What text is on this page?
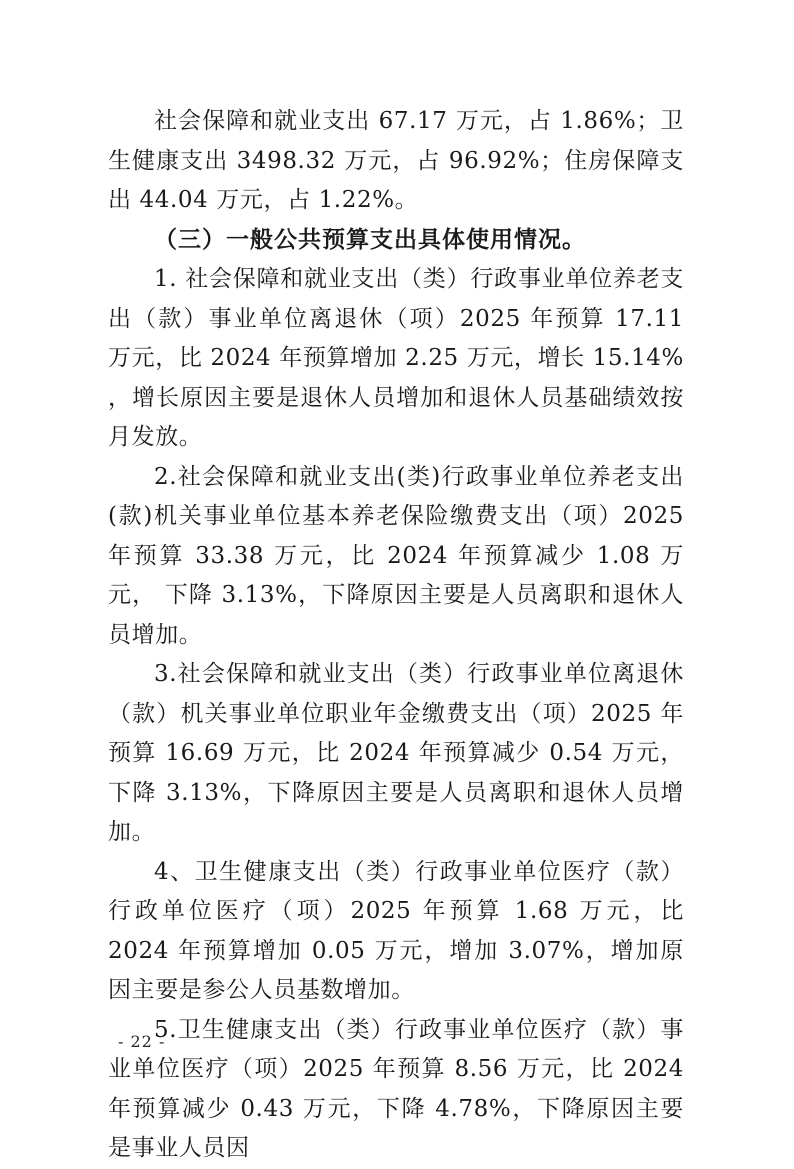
社会保障和就业支出 67.17 万元，占 1.86%；卫生健康支出 3498.32 万元，占 96.92%；住房保障支出 44.04 万元，占 1.22%。

（三）一般公共预算支出具体使用情况。

1. 社会保障和就业支出（类）行政事业单位养老支出（款）事业单位离退休（项）2025 年预算 17.11 万元，比 2024 年预算增加 2.25 万元，增长 15.14% ，增长原因主要是退休人员增加和退休人员基础绩效按月发放。

2.社会保障和就业支出(类)行政事业单位养老支出(款)机关事业单位基本养老保险缴费支出（项）2025 年预算 33.38 万元，比 2024 年预算减少 1.08 万元， 下降 3.13%，下降原因主要是人员离职和退休人员增加。

3.社会保障和就业支出（类）行政事业单位离退休（款）机关事业单位职业年金缴费支出（项）2025 年预算 16.69 万元，比 2024 年预算减少 0.54 万元， 下降 3.13%，下降原因主要是人员离职和退休人员增加。

4、卫生健康支出（类）行政事业单位医疗（款）行政单位医疗（项）2025 年预算 1.68 万元，比 2024 年预算增加 0.05 万元，增加 3.07%，增加原因主要是参公人员基数增加。

5.卫生健康支出（类）行政事业单位医疗（款）事业单位医疗（项）2025 年预算 8.56 万元，比 2024 年预算减少 0.43 万元，下降 4.78%，下降原因主要是事业人员因

- 22 -
